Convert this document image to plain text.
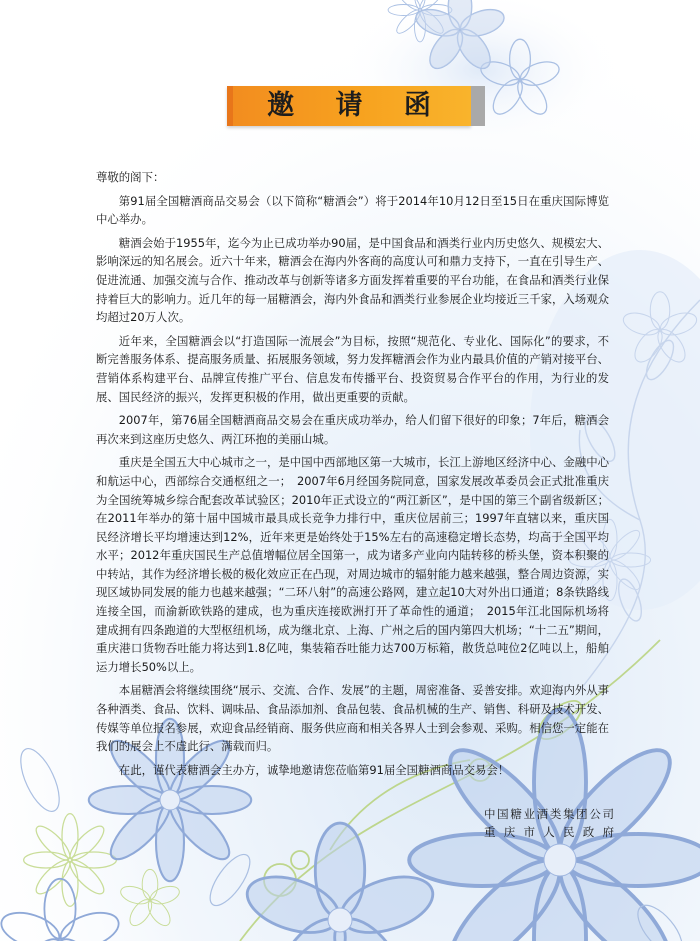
邀 请 函

尊敬的阁下：

第91届全国糖酒商品交易会（以下简称“糖酒会”）将于2014年10月12日至15日在重庆国际博览中心举办。

糖酒会始于1955年，迄今为止已成功举办90届，是中国食品和酒类行业内历史悠久、规模宏大、影响深远的知名展会。近六十年来，糖酒会在海内外客商的高度认可和鼎力支持下，一直在引导生产、促进流通、加强交流与合作、推动改革与创新等诸多方面发挥着重要的平台功能，在食品和酒类行业保持着巨大的影响力。近几年的每一届糖酒会，海内外食品和酒类行业参展企业均接近三千家，入场观众均超过20万人次。

近年来，全国糖酒会以“打造国际一流展会”为目标，按照“规范化、专业化、国际化”的要求，不断完善服务体系、提高服务质量、拓展服务领域，努力发挥糖酒会作为业内最具价值的产销对接平台、营销体系构建平台、品牌宣传推广平台、信息发布传播平台、投资贸易合作平台的作用，为行业的发展、国民经济的振兴，发挥更积极的作用，做出更重要的贡献。

2007年，第76届全国糖酒商品交易会在重庆成功举办，给人们留下很好的印象；7年后，糖酒会再次来到这座历史悠久、两江环抱的美丽山城。

重庆是全国五大中心城市之一，是中国中西部地区第一大城市，长江上游地区经济中心、金融中心和航运中心，西部综合交通枢纽之一；　2007年6月经国务院同意，国家发展改革委员会正式批准重庆为全国统筹城乡综合配套改革试验区；2010年正式设立的“两江新区”，是中国的第三个副省级新区；在2011年举办的第十届中国城市最具成长竞争力排行中，重庆位居前三；1997年直辖以来，重庆国民经济增长平均增速达到12%，近年来更是始终处于15%左右的高速稳定增长态势，均高于全国平均水平；2012年重庆国民生产总值增幅位居全国第一，成为诸多产业向内陆转移的桥头堡，资本积聚的中转站，其作为经济增长极的极化效应正在凸现，对周边城市的辐射能力越来越强，整合周边资源，实现区域协同发展的能力也越来越强；“二环八射”的高速公路网，建立起10大对外出口通道；8条铁路线连接全国，而渝新欧铁路的建成，也为重庆连接欧洲打开了革命性的通道；　2015年江北国际机场将建成拥有四条跑道的大型枢纽机场，成为继北京、上海、广州之后的国内第四大机场；“十二五”期间，重庆港口货物吞吐能力将达到1.8亿吨，集装箱吞吐能力达700万标箱，散货总吨位2亿吨以上，船舶运力增长50%以上。

本届糖酒会将继续围绕“展示、交流、合作、发展”的主题，周密准备、妥善安排。欢迎海内外从事各种酒类、食品、饮料、调味品、食品添加剂、食品包装、食品机械的生产、销售、科研及技术开发、传媒等单位报名参展，欢迎食品经销商、服务供应商和相关各界人士到会参观、采购。相信您一定能在我们的展会上不虚此行、满载而归。

在此，谨代表糖酒会主办方，诚挚地邀请您莅临第91届全国糖酒商品交易会！

中国糖业酒类集团公司
重庆市人民政府
